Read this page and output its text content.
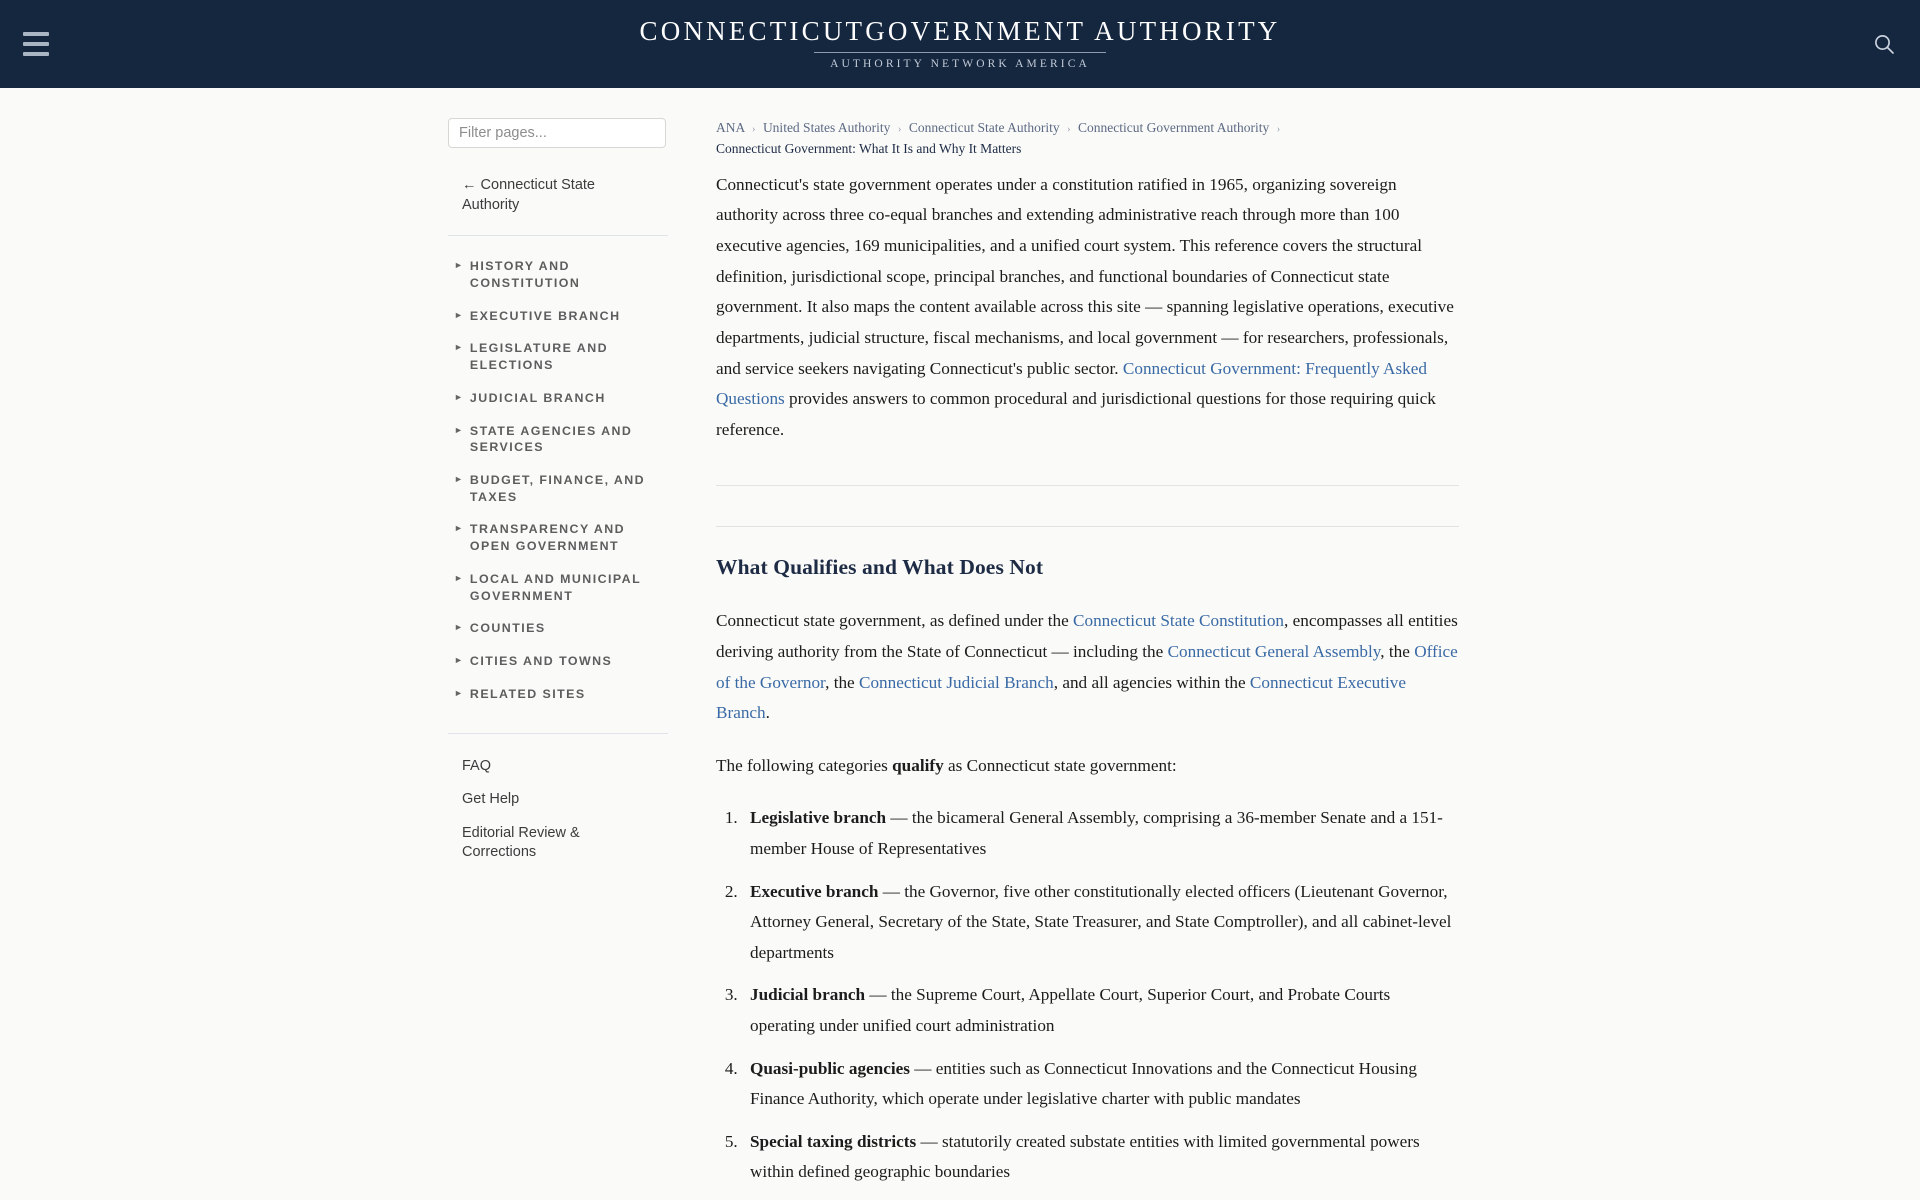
CONNECTICUTGOVERNMENT AUTHORITY
AUTHORITY NETWORK AMERICA
Filter pages...
← Connecticut State Authority
► HISTORY AND CONSTITUTION
► EXECUTIVE BRANCH
► LEGISLATURE AND ELECTIONS
► JUDICIAL BRANCH
► STATE AGENCIES AND SERVICES
► BUDGET, FINANCE, AND TAXES
► TRANSPARENCY AND OPEN GOVERNMENT
► LOCAL AND MUNICIPAL GOVERNMENT
► COUNTIES
► CITIES AND TOWNS
► RELATED SITES
FAQ
Get Help
Editorial Review & Corrections
ANA › United States Authority › Connecticut State Authority › Connecticut Government Authority ›
Connecticut Government: What It Is and Why It Matters

Connecticut's state government operates under a constitution ratified in 1965, organizing sovereign authority across three co-equal branches and extending administrative reach through more than 100 executive agencies, 169 municipalities, and a unified court system. This reference covers the structural definition, jurisdictional scope, principal branches, and functional boundaries of Connecticut state government. It also maps the content available across this site — spanning legislative operations, executive departments, judicial structure, fiscal mechanisms, and local government — for researchers, professionals, and service seekers navigating Connecticut's public sector. Connecticut Government: Frequently Asked Questions provides answers to common procedural and jurisdictional questions for those requiring quick reference.

What Qualifies and What Does Not

Connecticut state government, as defined under the Connecticut State Constitution, encompasses all entities deriving authority from the State of Connecticut — including the Connecticut General Assembly, the Office of the Governor, the Connecticut Judicial Branch, and all agencies within the Connecticut Executive Branch.

The following categories qualify as Connecticut state government:

1. Legislative branch — the bicameral General Assembly, comprising a 36-member Senate and a 151-member House of Representatives
2. Executive branch — the Governor, five other constitutionally elected officers (Lieutenant Governor, Attorney General, Secretary of the State, State Treasurer, and State Comptroller), and all cabinet-level departments
3. Judicial branch — the Supreme Court, Appellate Court, Superior Court, and Probate Courts operating under unified court administration
4. Quasi-public agencies — entities such as Connecticut Innovations and the Connecticut Housing Finance Authority, which operate under legislative charter with public mandates
5. Special taxing districts — statutorily created substate entities with limited governmental powers within defined geographic boundaries
